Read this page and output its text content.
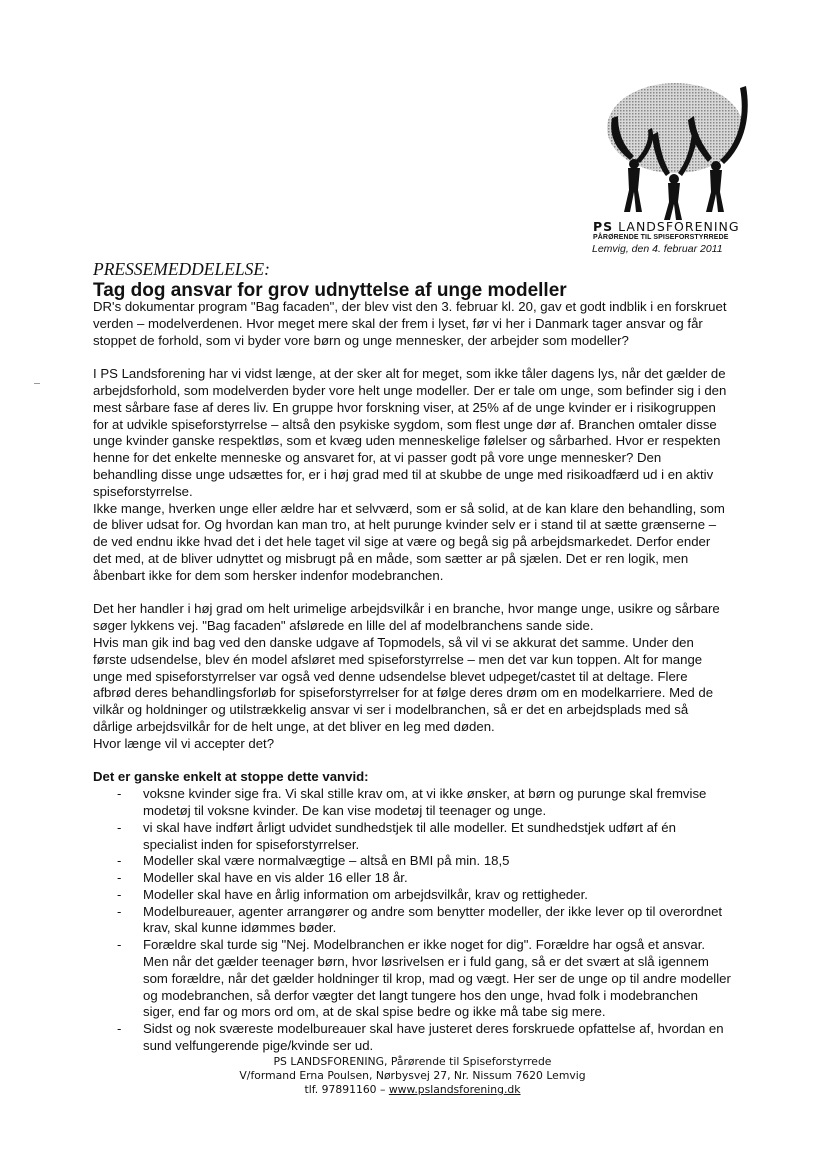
PS LANDSFORENING
PÅRØRENDE TIL SPISEFORSTYRREDE
Lemvig, den 4. februar 2011
PRESSEMEDDELELSE:
Tag dog ansvar for grov udnyttelse af unge modeller
DR's dokumentar program "Bag facaden", der blev vist den 3. februar kl. 20, gav et godt indblik i en forskruet
verden – modelverdenen. Hvor meget mere skal der frem i lyset, før vi her i Danmark tager ansvar og får
stoppet de forhold, som vi byder vore børn og unge mennesker, der arbejder som modeller?
I PS Landsforening har vi vidst længe, at der sker alt for meget, som ikke tåler dagens lys, når det gælder de
arbejdsforhold, som modelverden byder vore helt unge modeller. Der er tale om unge, som befinder sig i den
mest sårbare fase af deres liv. En gruppe hvor forskning viser, at 25% af de unge kvinder er i risikogruppen
for at udvikle spiseforstyrrelse – altså den psykiske sygdom, som flest unge dør af. Branchen omtaler disse
unge kvinder ganske respektløs, som et kvæg uden menneskelige følelser og sårbarhed. Hvor er respekten
henne for det enkelte menneske og ansvaret for, at vi passer godt på vore unge mennesker? Den
behandling disse unge udsættes for, er i høj grad med til at skubbe de unge med risikoadfærd ud i en aktiv
spiseforstyrrelse.
Ikke mange, hverken unge eller ældre har et selvværd, som er så solid, at de kan klare den behandling, som
de bliver udsat for. Og hvordan kan man tro, at helt purunge kvinder selv er i stand til at sætte grænserne –
de ved endnu ikke hvad det i det hele taget vil sige at være og begå sig på arbejdsmarkedet. Derfor ender
det med, at de bliver udnyttet og misbrugt på en måde, som sætter ar på sjælen. Det er ren logik, men
åbenbart ikke for dem som hersker indenfor modebranchen.
Det her handler i høj grad om helt urimelige arbejdsvilkår i en branche, hvor mange unge, usikre og sårbare
søger lykkens vej. "Bag facaden" afslørede en lille del af modelbranchens sande side.
Hvis man gik ind bag ved den danske udgave af Topmodels, så vil vi se akkurat det samme. Under den
første udsendelse, blev én model afsløret med spiseforstyrrelse – men det var kun toppen. Alt for mange
unge med spiseforstyrrelser var også ved denne udsendelse blevet udpeget/castet til at deltage. Flere
afbrød deres behandlingsforløb for spiseforstyrrelser for at følge deres drøm om en modelkarriere. Med de
vilkår og holdninger og utilstrækkelig ansvar vi ser i modelbranchen, så er det en arbejdsplads med så
dårlige arbejdsvilkår for de helt unge, at det bliver en leg med døden.
Hvor længe vil vi accepter det?
Det er ganske enkelt at stoppe dette vanvid:
- voksne kvinder sige fra. Vi skal stille krav om, at vi ikke ønsker, at børn og purunge skal fremvise
modetøj til voksne kvinder. De kan vise modetøj til teenager og unge.
- vi skal have indført årligt udvidet sundhedstjek til alle modeller. Et sundhedstjek udført af én
specialist inden for spiseforstyrrelser.
- Modeller skal være normalvægtige – altså en BMI på min. 18,5
- Modeller skal have en vis alder 16 eller 18 år.
- Modeller skal have en årlig information om arbejdsvilkår, krav og rettigheder.
- Modelbureauer, agenter arrangører og andre som benytter modeller, der ikke lever op til overordnet
krav, skal kunne idømmes bøder.
- Forældre skal turde sig "Nej. Modelbranchen er ikke noget for dig". Forældre har også et ansvar.
Men når det gælder teenager børn, hvor løsrivelsen er i fuld gang, så er det svært at slå igennem
som forældre, når det gælder holdninger til krop, mad og vægt. Her ser de unge op til andre modeller
og modebranchen, så derfor vægter det langt tungere hos den unge, hvad folk i modebranchen
siger, end far og mors ord om, at de skal spise bedre og ikke må tabe sig mere.
- Sidst og nok sværeste modelbureauer skal have justeret deres forskruede opfattelse af, hvordan en
sund velfungerende pige/kvinde ser ud.
PS LANDSFORENING, Pårørende til Spiseforstyrrede
V/formand Erna Poulsen, Nørbysvej 27, Nr. Nissum 7620 Lemvig
tlf. 97891160 – www.pslandsforening.dk
